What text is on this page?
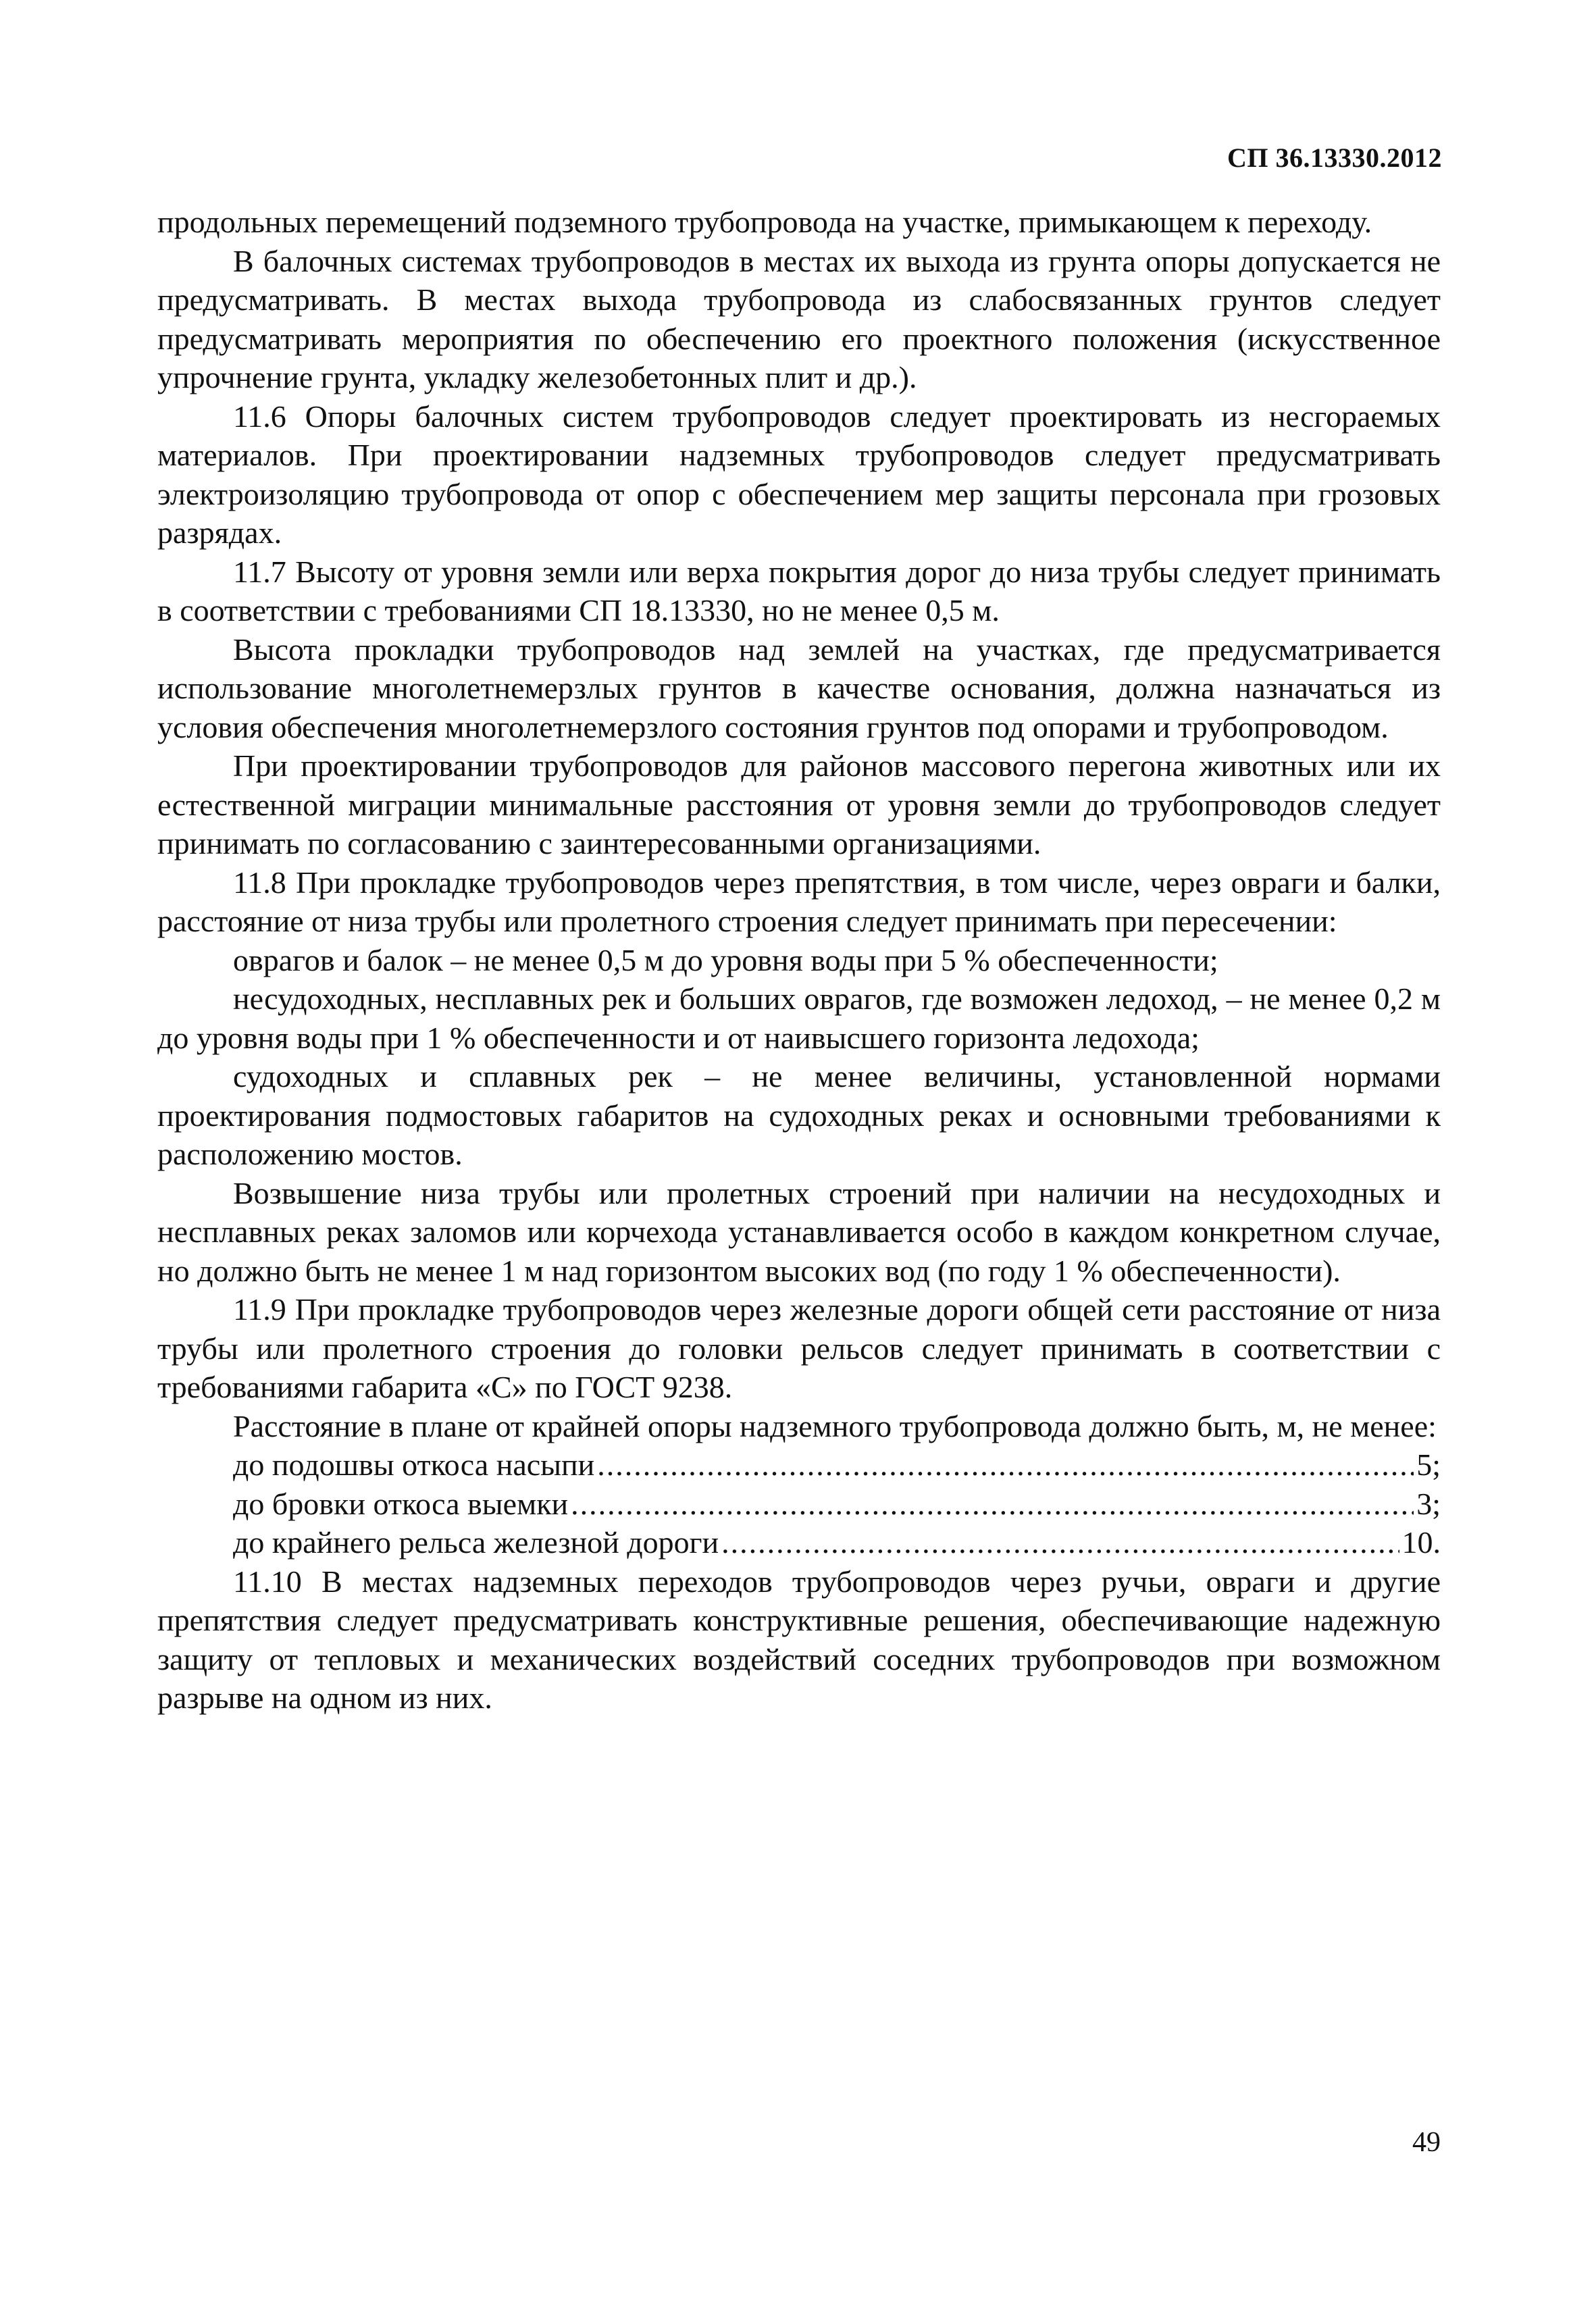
СП 36.13330.2012

продольных перемещений подземного трубопровода на участке, примыкающем к переходу.

В балочных системах трубопроводов в местах их выхода из грунта опоры допускается не предусматривать. В местах выхода трубопровода из слабосвязанных грунтов следует предусматривать мероприятия по обеспечению его проектного положения (искусственное упрочнение грунта, укладку железобетонных плит и др.).

11.6 Опоры балочных систем трубопроводов следует проектировать из несгораемых материалов. При проектировании надземных трубопроводов следует предусматривать электроизоляцию трубопровода от опор с обеспечением мер защиты персонала при грозовых разрядах.

11.7 Высоту от уровня земли или верха покрытия дорог до низа трубы следует принимать в соответствии с требованиями СП 18.13330, но не менее 0,5 м.

Высота прокладки трубопроводов над землей на участках, где предусматривается использование многолетнемерзлых грунтов в качестве основания, должна назначаться из условия обеспечения многолетнемерзлого состояния грунтов под опорами и трубопроводом.

При проектировании трубопроводов для районов массового перегона животных или их естественной миграции минимальные расстояния от уровня земли до трубопроводов следует принимать по согласованию с заинтересованными организациями.

11.8 При прокладке трубопроводов через препятствия, в том числе, через овраги и балки, расстояние от низа трубы или пролетного строения следует принимать при пересечении:

оврагов и балок – не менее 0,5 м до уровня воды при 5 % обеспеченности;

несудоходных, несплавных рек и больших оврагов, где возможен ледоход, – не менее 0,2 м до уровня воды при 1 % обеспеченности и от наивысшего горизонта ледохода;

судоходных и сплавных рек – не менее величины, установленной нормами проектирования подмостовых габаритов на судоходных реках и основными требованиями к расположению мостов.

Возвышение низа трубы или пролетных строений при наличии на несудоходных и несплавных реках заломов или корчехода устанавливается особо в каждом конкретном случае, но должно быть не менее 1 м над горизонтом высоких вод (по году 1 % обеспеченности).

11.9 При прокладке трубопроводов через железные дороги общей сети расстояние от низа трубы или пролетного строения до головки рельсов следует принимать в соответствии с требованиями габарита «С» по ГОСТ 9238.

Расстояние в плане от крайней опоры надземного трубопровода должно быть, м, не менее:

до подошвы откоса насыпи .....	5;
до бровки откоса выемки .....	3;
до крайнего рельса железной дороги .....	10.

11.10 В местах надземных переходов трубопроводов через ручьи, овраги и другие препятствия следует предусматривать конструктивные решения, обеспечивающие надежную защиту от тепловых и механических воздействий соседних трубопроводов при возможном разрыве на одном из них.

49
